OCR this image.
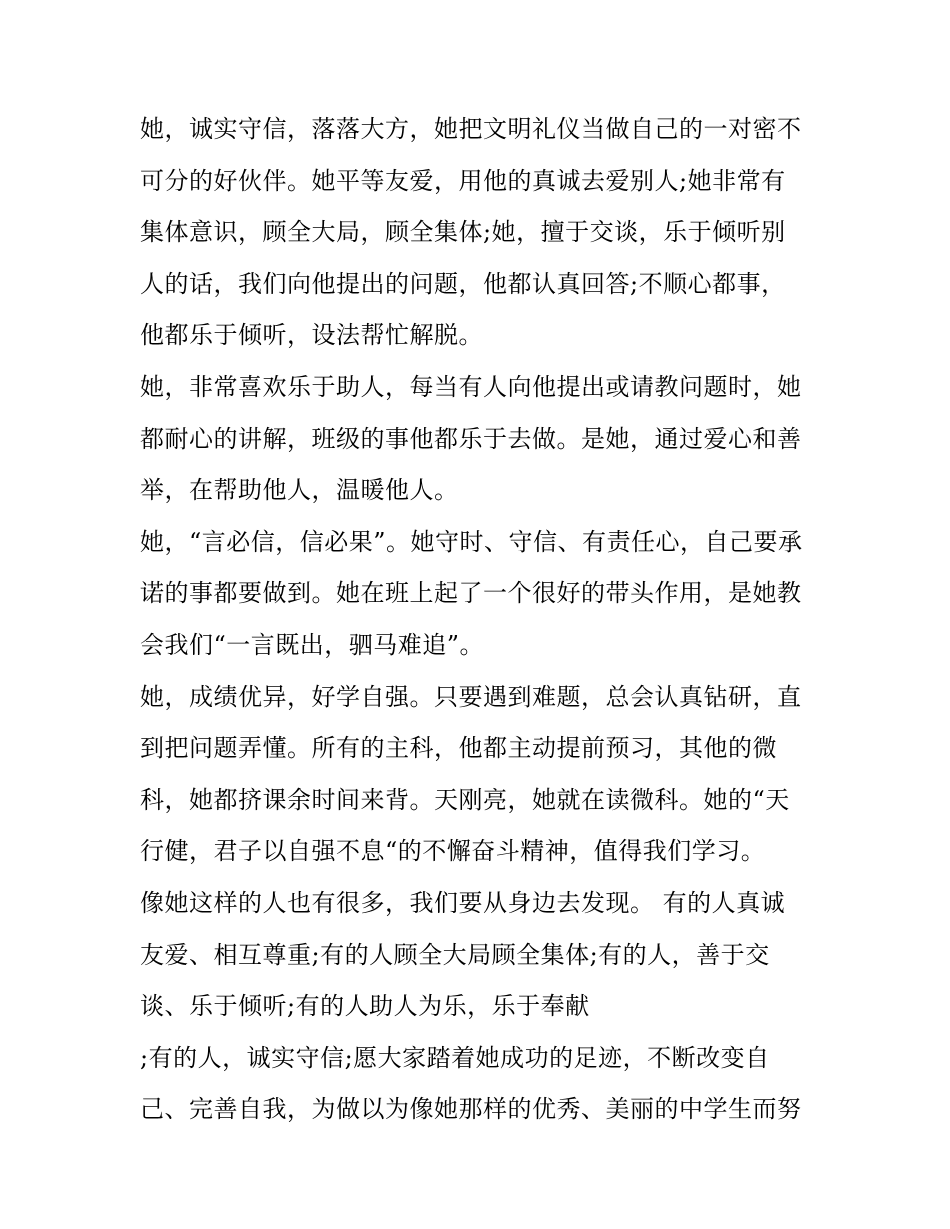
她，诚实守信，落落大方，她把文明礼仪当做自己的一对密不
可分的好伙伴。她平等友爱，用他的真诚去爱别人;她非常有
集体意识，顾全大局，顾全集体;她，擅于交谈，乐于倾听别
人的话，我们向他提出的问题，他都认真回答;不顺心都事，
他都乐于倾听，设法帮忙解脱。
她，非常喜欢乐于助人，每当有人向他提出或请教问题时，她
都耐心的讲解，班级的事他都乐于去做。是她，通过爱心和善
举，在帮助他人，温暖他人。
她，“言必信，信必果”。她守时、守信、有责任心，自己要承
诺的事都要做到。她在班上起了一个很好的带头作用，是她教
会我们“一言既出，驷马难追”。
她，成绩优异，好学自强。只要遇到难题，总会认真钻研，直
到把问题弄懂。所有的主科，他都主动提前预习，其他的微
科，她都挤课余时间来背。天刚亮，她就在读微科。她的“天
行健，君子以自强不息“的不懈奋斗精神，值得我们学习。
像她这样的人也有很多，我们要从身边去发现。 有的人真诚
友爱、相互尊重;有的人顾全大局顾全集体;有的人，善于交
谈、乐于倾听;有的人助人为乐，乐于奉献
;有的人，诚实守信;愿大家踏着她成功的足迹，不断改变自
己、完善自我，为做以为像她那样的优秀、美丽的中学生而努
